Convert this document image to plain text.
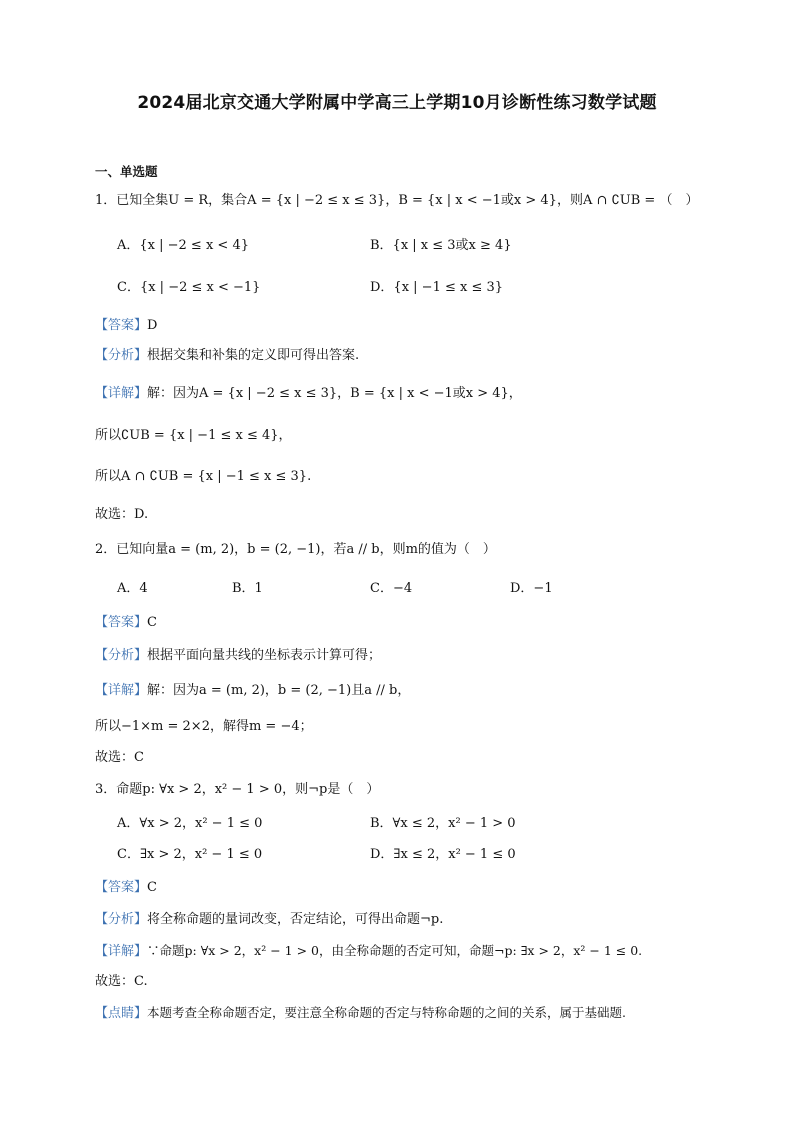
2024届北京交通大学附属中学高三上学期10月诊断性练习数学试题
一、单选题
1．已知全集U = R，集合A = {x | −2 ≤ x ≤ 3}，B = {x | x < −1或x > 4}，则A ∩ ∁UB = （　）
A．{x | −2 ≤ x < 4}	B．{x | x ≤ 3或x ≥ 4}
C．{x | −2 ≤ x < −1}	D．{x | −1 ≤ x ≤ 3}
【答案】D
【分析】根据交集和补集的定义即可得出答案.
【详解】解：因为A = {x | −2 ≤ x ≤ 3}，B = {x | x < −1或x > 4}，
所以∁UB = {x | −1 ≤ x ≤ 4}，
所以A ∩ ∁UB = {x | −1 ≤ x ≤ 3}.
故选：D.
2．已知向量a = (m, 2)，b = (2, −1)，若a // b，则m的值为（　）
A．4	B．1	C．−4	D．−1
【答案】C
【分析】根据平面向量共线的坐标表示计算可得；
【详解】解：因为a = (m, 2)，b = (2, −1)且a // b，
所以−1×m = 2×2，解得m = −4；
故选：C
3．命题p: ∀x > 2，x² − 1 > 0，则¬p是（　）
A．∀x > 2，x² − 1 ≤ 0	B．∀x ≤ 2，x² − 1 > 0
C．∃x > 2，x² − 1 ≤ 0	D．∃x ≤ 2，x² − 1 ≤ 0
【答案】C
【分析】将全称命题的量词改变，否定结论，可得出命题¬p.
【详解】∵命题p: ∀x > 2，x² − 1 > 0，由全称命题的否定可知，命题¬p: ∃x > 2，x² − 1 ≤ 0.
故选：C.
【点睛】本题考查全称命题否定，要注意全称命题的否定与特称命题的之间的关系，属于基础题.
